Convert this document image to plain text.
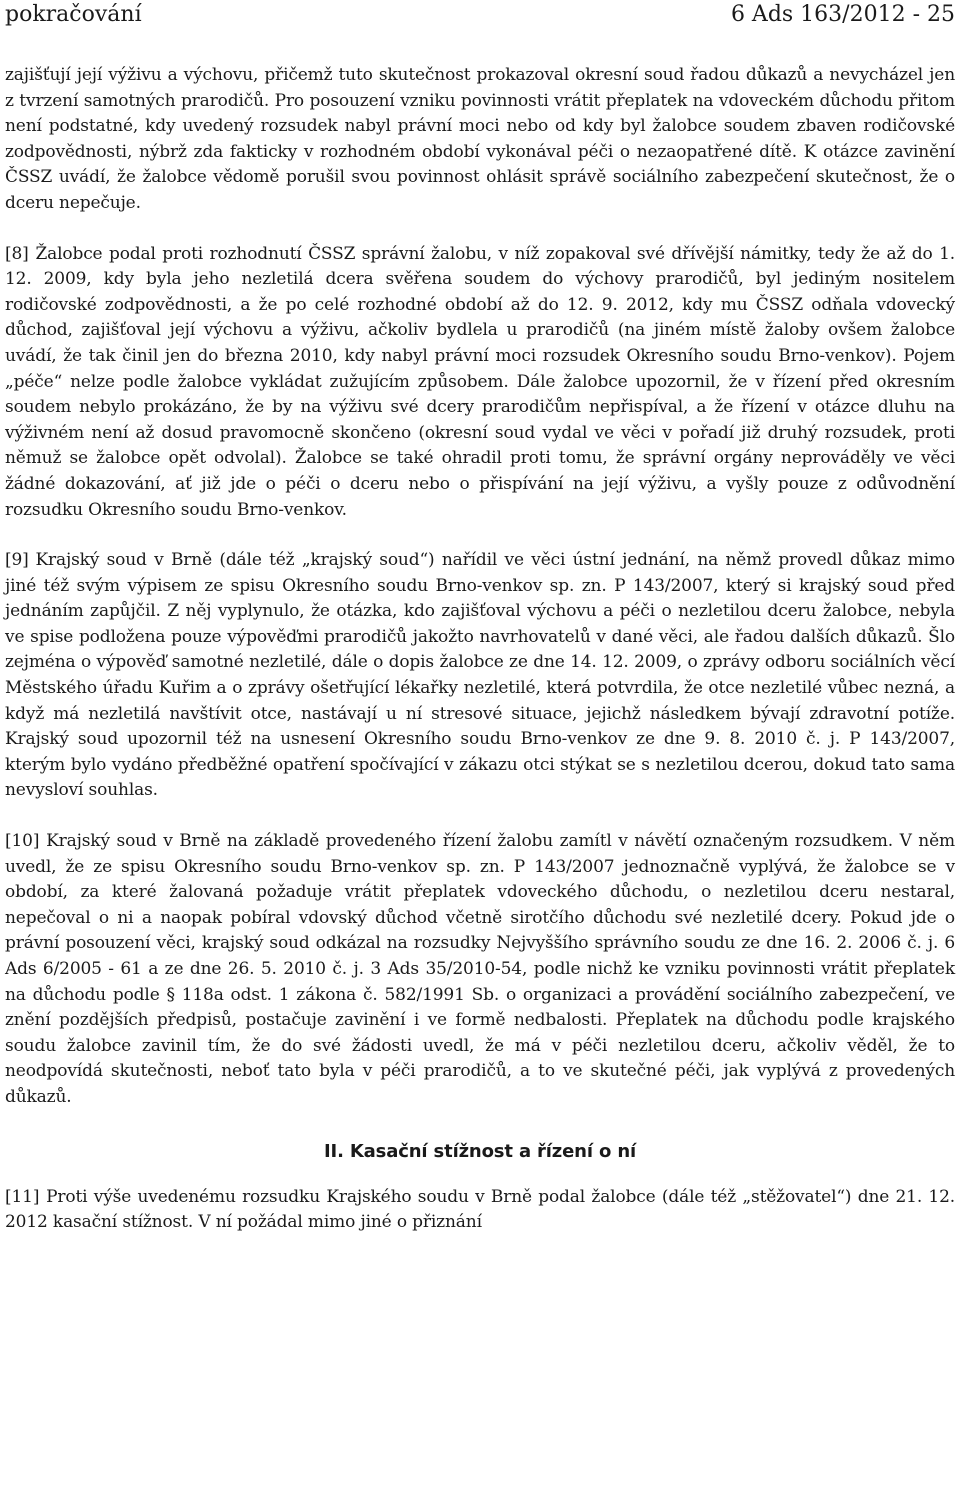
pokračování	6 Ads 163/2012 - 25

zajišťují její výživu a výchovu, přičemž tuto skutečnost prokazoval okresní soud řadou důkazů a nevycházel jen z tvrzení samotných prarodičů. Pro posouzení vzniku povinnosti vrátit přeplatek na vdoveckém důchodu přitom není podstatné, kdy uvedený rozsudek nabyl právní moci nebo od kdy byl žalobce soudem zbaven rodičovské zodpovědnosti, nýbrž zda fakticky v rozhodném období vykonával péči o nezaopatřené dítě. K otázce zavinění ČSSZ uvádí, že žalobce vědomě porušil svou povinnost ohlásit správě sociálního zabezpečení skutečnost, že o dceru nepečuje.

[8] Žalobce podal proti rozhodnutí ČSSZ správní žalobu, v níž zopakoval své dřívější námitky, tedy že až do 1. 12. 2009, kdy byla jeho nezletilá dcera svěřena soudem do výchovy prarodičů, byl jediným nositelem rodičovské zodpovědnosti, a že po celé rozhodné období až do 12. 9. 2012, kdy mu ČSSZ odňala vdovecký důchod, zajišťoval její výchovu a výživu, ačkoliv bydlela u prarodičů (na jiném místě žaloby ovšem žalobce uvádí, že tak činil jen do března 2010, kdy nabyl právní moci rozsudek Okresního soudu Brno-venkov). Pojem „péče“ nelze podle žalobce vykládat zužujícím způsobem. Dále žalobce upozornil, že v řízení před okresním soudem nebylo prokázáno, že by na výživu své dcery prarodičům nepřispíval, a že řízení v otázce dluhu na výživném není až dosud pravomocně skončeno (okresní soud vydal ve věci v pořadí již druhý rozsudek, proti němuž se žalobce opět odvolal). Žalobce se také ohradil proti tomu, že správní orgány neprováděly ve věci žádné dokazování, ať již jde o péči o dceru nebo o přispívání na její výživu, a vyšly pouze z odůvodnění rozsudku Okresního soudu Brno-venkov.

[9] Krajský soud v Brně (dále též „krajský soud“) nařídil ve věci ústní jednání, na němž provedl důkaz mimo jiné též svým výpisem ze spisu Okresního soudu Brno-venkov sp. zn. P 143/2007, který si krajský soud před jednáním zapůjčil. Z něj vyplynulo, že otázka, kdo zajišťoval výchovu a péči o nezletilou dceru žalobce, nebyla ve spise podložena pouze výpověďmi prarodičů jakožto navrhovatelů v dané věci, ale řadou dalších důkazů. Šlo zejména o výpověď samotné nezletilé, dále o dopis žalobce ze dne 14. 12. 2009, o zprávy odboru sociálních věcí Městského úřadu Kuřim a o zprávy ošetřující lékařky nezletilé, která potvrdila, že otce nezletilé vůbec nezná, a když má nezletilá navštívit otce, nastávají u ní stresové situace, jejichž následkem bývají zdravotní potíže. Krajský soud upozornil též na usnesení Okresního soudu Brno-venkov ze dne 9. 8. 2010 č. j. P 143/2007, kterým bylo vydáno předběžné opatření spočívající v zákazu otci stýkat se s nezletilou dcerou, dokud tato sama nevysloví souhlas.

[10] Krajský soud v Brně na základě provedeného řízení žalobu zamítl v návětí označeným rozsudkem. V něm uvedl, že ze spisu Okresního soudu Brno-venkov sp. zn. P 143/2007 jednoznačně vyplývá, že žalobce se v období, za které žalovaná požaduje vrátit přeplatek vdoveckého důchodu, o nezletilou dceru nestaral, nepečoval o ni a naopak pobíral vdovský důchod včetně sirotčího důchodu své nezletilé dcery. Pokud jde o právní posouzení věci, krajský soud odkázal na rozsudky Nejvyššího správního soudu ze dne 16. 2. 2006 č. j. 6 Ads 6/2005 - 61 a ze dne 26. 5. 2010 č. j. 3 Ads 35/2010-54, podle nichž ke vzniku povinnosti vrátit přeplatek na důchodu podle § 118a odst. 1 zákona č. 582/1991 Sb. o organizaci a provádění sociálního zabezpečení, ve znění pozdějších předpisů, postačuje zavinění i ve formě nedbalosti. Přeplatek na důchodu podle krajského soudu žalobce zavinil tím, že do své žádosti uvedl, že má v péči nezletilou dceru, ačkoliv věděl, že to neodpovídá skutečnosti, neboť tato byla v péči prarodičů, a to ve skutečné péči, jak vyplývá z provedených důkazů.

II. Kasační stížnost a řízení o ní

[11] Proti výše uvedenému rozsudku Krajského soudu v Brně podal žalobce (dále též „stěžovatel“) dne 21. 12. 2012 kasační stížnost. V ní požádal mimo jiné o přiznání
